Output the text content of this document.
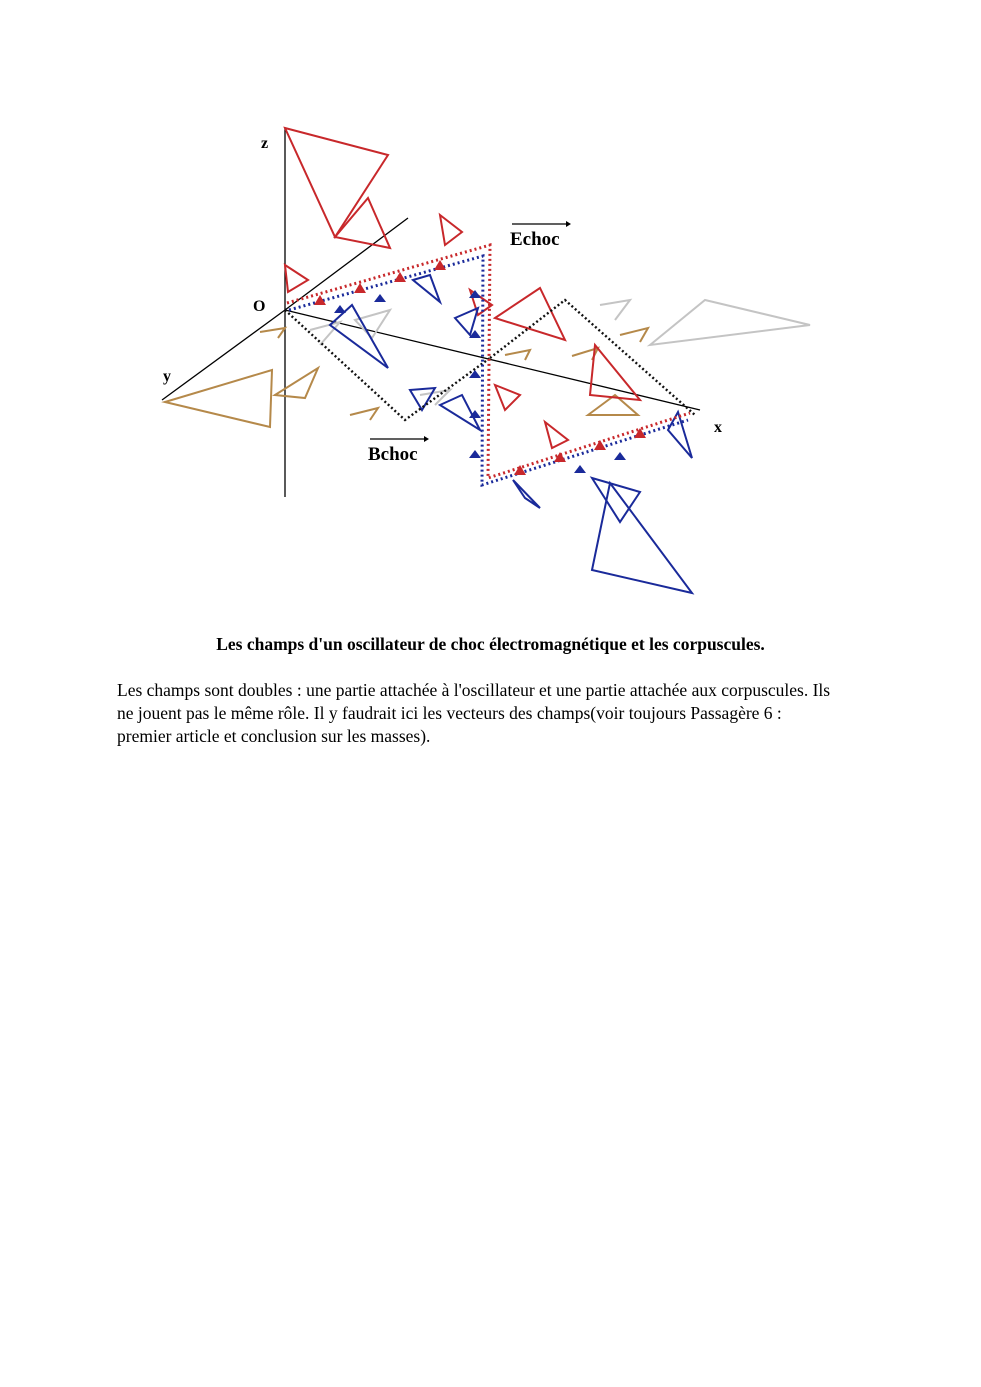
z
O
y
x
Echoc
Bchoc
Les champs d'un oscillateur de choc électromagnétique et les corpuscules.
Les champs sont doubles : une partie attachée à l'oscillateur et une partie attachée aux corpuscules. Ils ne jouent pas le même rôle. Il y faudrait ici les vecteurs des champs(voir toujours Passagère 6 : premier article et conclusion sur les masses).
